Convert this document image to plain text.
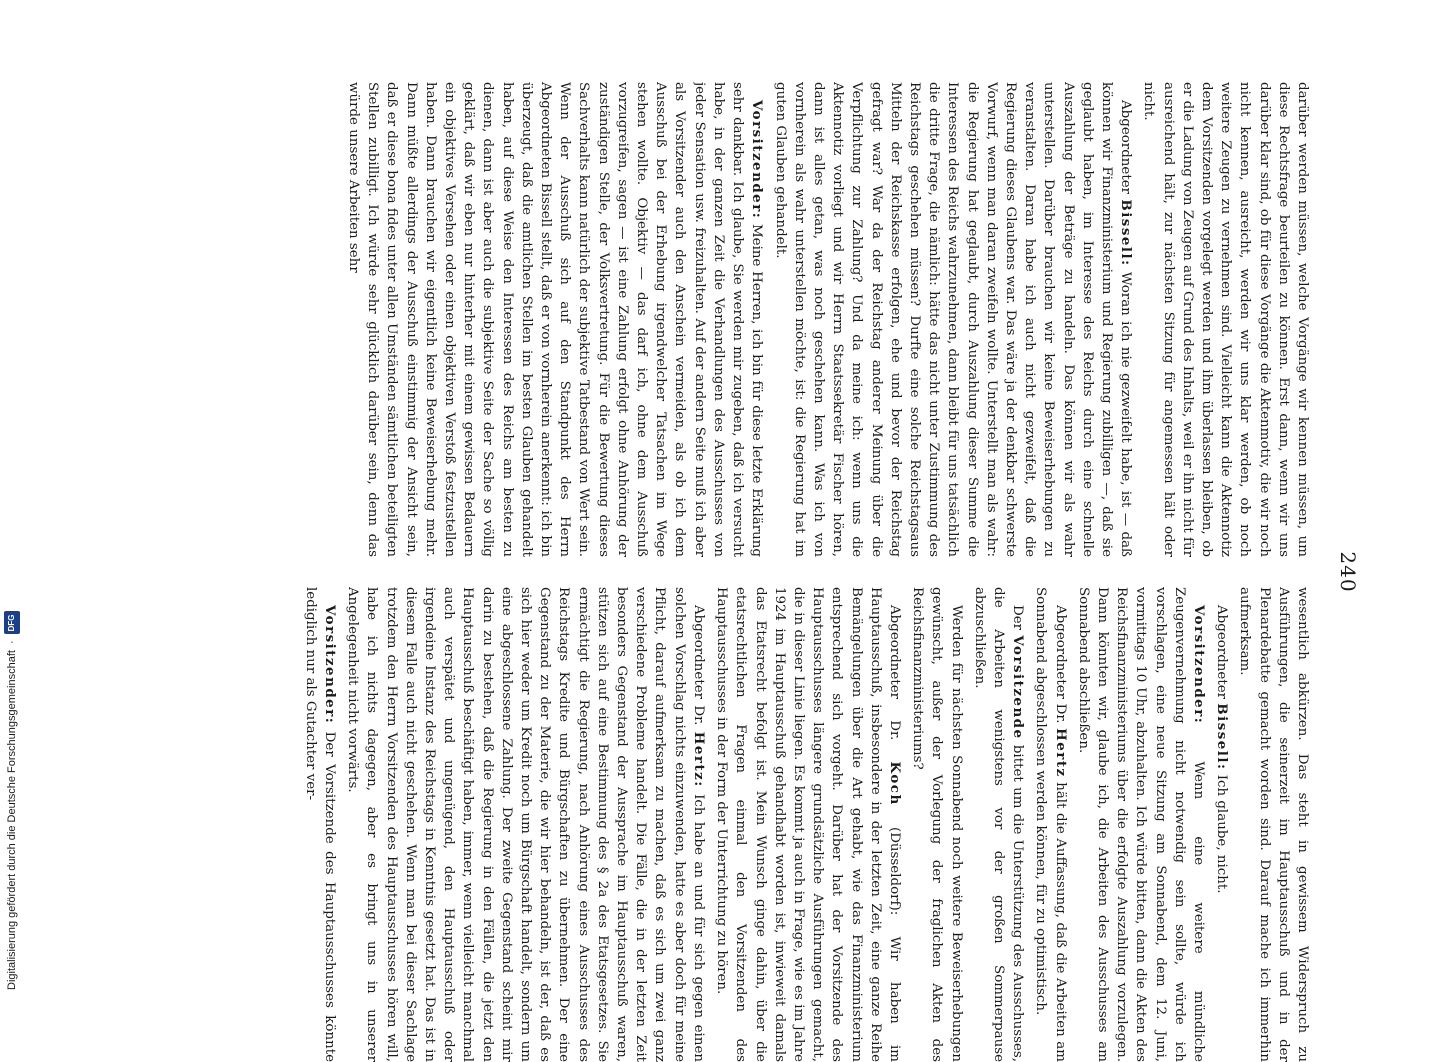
Digitalisierung gefördert durch die Deutsche Forschungsgemeinschaft
·
DFG
240

darüber werden müssen, welche Vorgänge wir kennen müssen, um diese Rechtsfrage beurteilen zu können. Erst dann, wenn wir uns darüber klar sind, ob für diese Vorgänge die Aktenmotiv, die wir noch nicht kennen, ausreicht, werden wir uns klar werden, ob noch weitere Zeugen zu vernehmen sind. Vielleicht kann die Aktennotiz dem Vorsitzenden vorgelegt werden und ihm überlassen bleiben, ob er die Ladung von Zeugen auf Grund des Inhalts, weil er ihn nicht für ausreichend hält, zur nächsten Sitzung für angemessen hält oder nicht.

Abgeordneter Bissell: Woran ich nie gezweifelt habe, ist — daß können wir Finanzministerium und Regierung zubilligen —, daß sie geglaubt haben, im Interesse des Reichs durch eine schnelle Auszahlung der Beträge zu handeln. Das können wir als wahr unterstellen. Darüber brauchen wir keine Beweiserhebungen zu veranstalten. Daran habe ich auch nicht gezweifelt, daß die Regierung dieses Glaubens war. Das wäre ja der denkbar schwerste Vorwurf, wenn man daran zweifeln wollte. Unterstellt man als wahr: die Regierung hat geglaubt, durch Auszahlung dieser Summe die Interessen des Reichs wahrzunehmen, dann bleibt für uns tatsächlich die dritte Frage, die nämlich: hätte das nicht unter Zustimmung des Reichstags geschehen müssen? Durfte eine solche Reichstagsaus Mitteln der Reichskasse erfolgen, ehe und bevor der Reichstag gefragt war? War da der Reichstag anderer Meinung über die Verpflichtung zur Zahlung? Und da meine ich: wenn uns die Aktennotiz vorliegt und wir Herrn Staatssekretär Fischer hören, dann ist alles getan, was noch geschehen kann. Was ich von vornherein als wahr unterstellen möchte, ist: die Regierung hat im guten Glauben gehandelt.

Vorsitzender: Meine Herren, ich bin für diese letzte Erklärung sehr dankbar. Ich glaube, Sie werden mir zugeben, daß ich versucht habe, in der ganzen Zeit die Verhandlungen des Ausschusses von jeder Sensation usw. freizuhalten. Auf der andern Seite muß ich aber als Vorsitzender auch den Anschein vermeiden, als ob ich dem Ausschuß bei der Erhebung irgendwelcher Tatsachen im Wege stehen wollte. Objektiv — das darf ich, ohne dem Ausschuß vorzugreifen, sagen — ist eine Zahlung erfolgt ohne Anhörung der zuständigen Stelle, der Volksvertretung. Für die Bewertung dieses Sachverhalts kann natürlich der subjektive Tatbestand von Wert sein. Wenn der Ausschuß sich auf den Standpunkt des Herrn Abgeordneten Bissell stellt, daß er von vornherein anerkennt: ich bin überzeugt, daß die amtlichen Stellen im besten Glauben gehandelt haben, auf diese Weise den Interessen des Reichs am besten zu dienen, dann ist aber auch die subjektive Seite der Sache so völlig geklärt, daß wir eben nur hinterher mit einem gewissen Bedauern ein objektives Versehen oder einen objektiven Verstoß festzustellen haben. Dann brauchen wir eigentlich keine Beweiserhebung mehr. Dann müßte allerdings der Ausschuß einstimmig der Ansicht sein, daß er diese bona fides unter allen Umständen sämtlichen beteiligten Stellen zubilligt. Ich würde sehr glücklich darüber sein, denn das würde unsere Arbeiten sehr

wesentlich abkürzen. Das steht in gewissem Widerspruch zu Ausführungen, die seinerzeit im Hauptausschuß und in der Plenardebatte gemacht worden sind. Darauf mache ich immerhin aufmerksam.

Abgeordneter Bissell: Ich glaube, nicht.

Vorsitzender: Wenn eine weitere mündliche Zeugenvernehmung nicht notwendig sein sollte, würde ich vorschlagen, eine neue Sitzung am Sonnabend, dem 12. Juni, vormittags 10 Uhr, abzuhalten. Ich würde bitten, dann die Akten des Reichsfinanzministeriums über die erfolgte Auszahlung vorzulegen. Dann könnten wir, glaube ich, die Arbeiten des Ausschusses am Sonnabend abschließen.

Abgeordneter Dr. Hertz hält die Auffassung, daß die Arbeiten am Sonnabend abgeschlossen werden können, für zu optimistisch.

Der Vorsitzende bittet um die Unterstützung des Ausschusses, die Arbeiten wenigstens vor der großen Sommerpause abzuschließen.

Werden für nächsten Sonnabend noch weitere Beweiserhebungen gewünscht, außer der Vorlegung der fraglichen Akten des Reichsfinanzministeriums?

Abgeordneter Dr. Koch (Düsseldorf): Wir haben im Hauptausschuß, insbesondere in der letzten Zeit, eine ganze Reihe Bemängelungen über die Art gehabt, wie das Finanzministerium entsprechend sich vorgeht. Darüber hat der Vorsitzende des Hauptausschusses längere grundsätzliche Ausführungen gemacht, die in dieser Linie liegen. Es kommt ja auch in Frage, wie es im Jahre 1924 im Hauptausschuß gehandhabt worden ist, inwieweit damals das Etatsrecht befolgt ist. Mein Wunsch ginge dahin, über die etatsrechtlichen Fragen einmal den Vorsitzenden des Hauptausschusses in der Form der Unterrichtung zu hören.

Abgeordneter Dr. Hertz: Ich habe an und für sich gegen einen solchen Vorschlag nichts einzuwenden, hatte es aber doch für meine Pflicht, darauf aufmerksam zu machen, daß es sich um zwei ganz verschiedene Probleme handelt. Die Fälle, die in der letzten Zeit besonders Gegenstand der Aussprache im Hauptausschuß waren, stützen sich auf eine Bestimmung des § 2a des Etatsgesetzes. Sie ermächtigt die Regierung, nach Anhörung eines Ausschusses des Reichstags Kredite und Bürgschaften zu übernehmen. Der eine Gegenstand zu der Materie, die wir hier behandeln, ist der, daß es sich hier weder um Kredit noch um Bürgschaft handelt, sondern um eine abgeschlossene Zahlung. Der zweite Gegenstand scheint mir darin zu bestehen, daß die Regierung in den Fällen, die jetzt den Hauptausschuß beschäftigt haben, immer, wenn vielleicht manchmal auch verspätet und ungenügend, den Hauptausschuß oder irgendeine Instanz des Reichstags in Kenntnis gesetzt hat. Das ist in diesem Falle auch nicht geschehen. Wenn man bei dieser Sachlage trotzdem den Herrn Vorsitzenden des Hauptausschusses hören will, habe ich nichts dagegen, aber es bringt uns in unserer Angelegenheit nicht vorwärts.

Vorsitzender: Der Vorsitzende des Hauptausschusses könnte lediglich nur als Gutachter ver-
